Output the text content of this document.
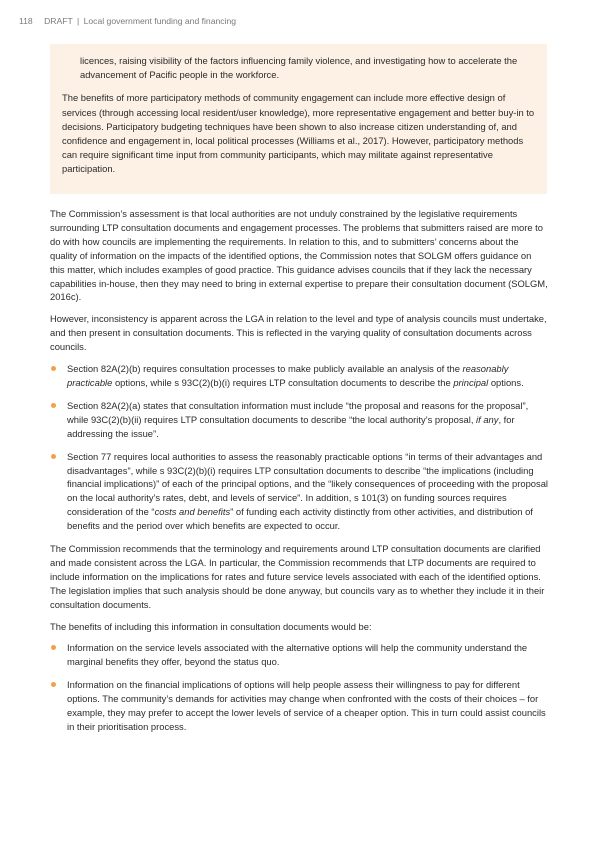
118 DRAFT | Local government funding and financing

licences, raising visibility of the factors influencing family violence, and investigating how to accelerate the advancement of Pacific people in the workforce.

The benefits of more participatory methods of community engagement can include more effective design of services (through accessing local resident/user knowledge), more representative engagement and better buy-in to decisions. Participatory budgeting techniques have been shown to also increase citizen understanding of, and confidence and engagement in, local political processes (Williams et al., 2017). However, participatory methods can require significant time input from community participants, which may militate against representative participation.

The Commission’s assessment is that local authorities are not unduly constrained by the legislative requirements surrounding LTP consultation documents and engagement processes. The problems that submitters raised are more to do with how councils are implementing the requirements. In relation to this, and to submitters’ concerns about the quality of information on the impacts of the identified options, the Commission notes that SOLGM offers guidance on this matter, which includes examples of good practice. This guidance advises councils that if they lack the necessary capabilities in-house, then they may need to bring in external expertise to prepare their consultation document (SOLGM, 2016c).

However, inconsistency is apparent across the LGA in relation to the level and type of analysis councils must undertake, and then present in consultation documents. This is reflected in the varying quality of consultation documents across councils.

Section 82A(2)(b) requires consultation processes to make publicly available an analysis of the reasonably practicable options, while s 93C(2)(b)(i) requires LTP consultation documents to describe the principal options.
Section 82A(2)(a) states that consultation information must include “the proposal and reasons for the proposal”, while 93C(2)(b)(ii) requires LTP consultation documents to describe “the local authority’s proposal, if any, for addressing the issue”.
Section 77 requires local authorities to assess the reasonably practicable options “in terms of their advantages and disadvantages”, while s 93C(2)(b)(i) requires LTP consultation documents to describe “the implications (including financial implications)” of each of the principal options, and the “likely consequences of proceeding with the proposal on the local authority’s rates, debt, and levels of service”. In addition, s 101(3) on funding sources requires consideration of the “costs and benefits” of funding each activity distinctly from other activities, and distribution of benefits and the period over which benefits are expected to occur.

The Commission recommends that the terminology and requirements around LTP consultation documents are clarified and made consistent across the LGA. In particular, the Commission recommends that LTP documents are required to include information on the implications for rates and future service levels associated with each of the identified options. The legislation implies that such analysis should be done anyway, but councils vary as to whether they include it in their consultation documents.

The benefits of including this information in consultation documents would be:

Information on the service levels associated with the alternative options will help the community understand the marginal benefits they offer, beyond the status quo.
Information on the financial implications of options will help people assess their willingness to pay for different options. The community’s demands for activities may change when confronted with the costs of their choices – for example, they may prefer to accept the lower levels of service of a cheaper option. This in turn could assist councils in their prioritisation process.
